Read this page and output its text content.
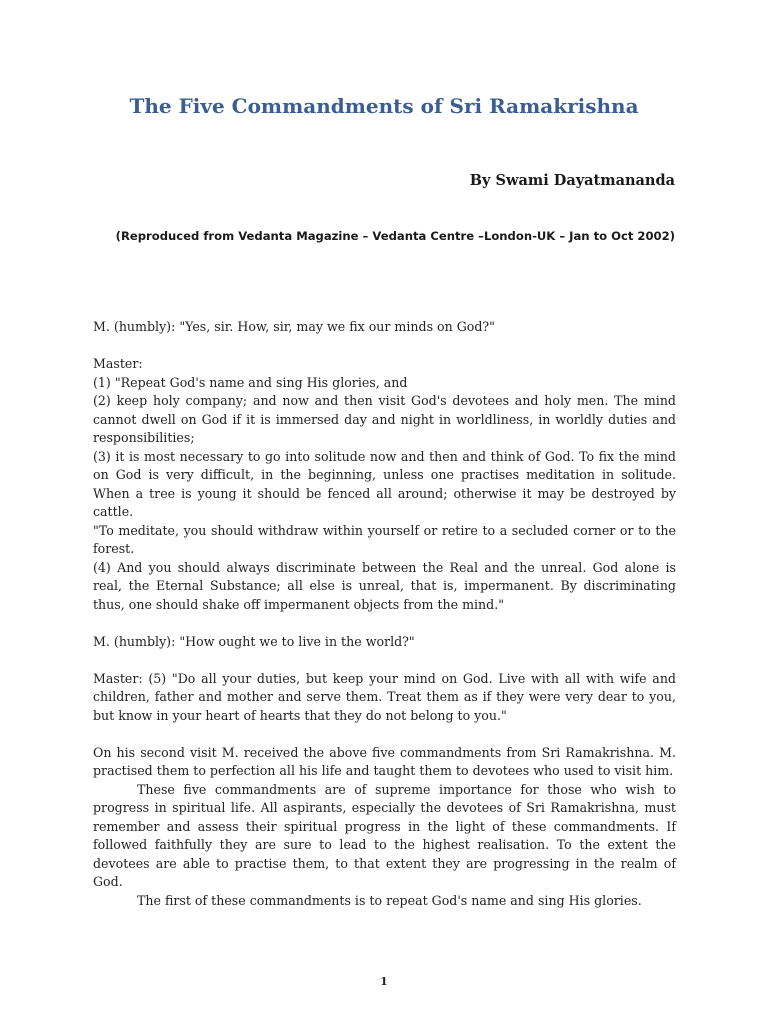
The Five Commandments of Sri Ramakrishna
By Swami Dayatmananda
(Reproduced from Vedanta Magazine – Vedanta Centre –London-UK – Jan to Oct 2002)

M. (humbly): "Yes, sir. How, sir, may we fix our minds on God?"

Master:

(1) "Repeat God's name and sing His glories, and

(2) keep holy company; and now and then visit God's devotees and holy men. The mind cannot dwell on God if it is immersed day and night in worldliness, in worldly duties and responsibilities;

(3) it is most necessary to go into solitude now and then and think of God. To fix the mind on God is very difficult, in the beginning, unless one practises meditation in solitude. When a tree is young it should be fenced all around; otherwise it may be destroyed by cattle.

"To meditate, you should withdraw within yourself or retire to a secluded corner or to the forest.

(4) And you should always discriminate between the Real and the unreal. God alone is real, the Eternal Substance; all else is unreal, that is, impermanent. By discriminating thus, one should shake off impermanent objects from the mind."

M. (humbly): "How ought we to live in the world?"

Master: (5) "Do all your duties, but keep your mind on God. Live with all with wife and children, father and mother and serve them. Treat them as if they were very dear to you, but know in your heart of hearts that they do not belong to you."

On his second visit M. received the above five commandments from Sri Ramakrishna. M. practised them to perfection all his life and taught them to devotees who used to visit him.

These five commandments are of supreme importance for those who wish to progress in spiritual life. All aspirants, especially the devotees of Sri Ramakrishna, must remember and assess their spiritual progress in the light of these commandments. If followed faithfully they are sure to lead to the highest realisation. To the extent the devotees are able to practise them, to that extent they are progressing in the realm of God.

The first of these commandments is to repeat God's name and sing His glories.

1
